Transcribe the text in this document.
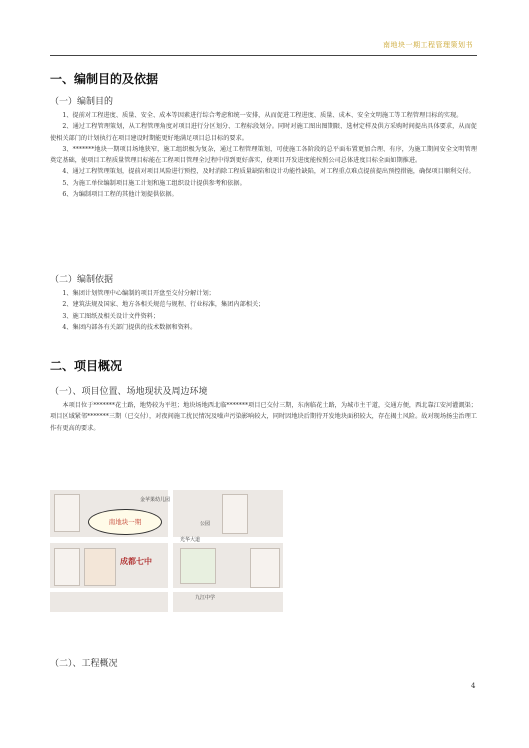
南地块一期工程管理策划书
一、编制目的及依据
（一）编制目的

1、提前对工程进度、质量、安全、成本等因素进行综合考虑和统一安排，从而促进工程进度、质量、成本、安全文明施工等工程管理目标的实现。

2、通过工程管理策划，从工程管理角度对项目进行分区划分、工程标段划分。同时对施工图出图期限、选材定样及供方采购时间提出具体要求，从而促使相关部门的计划执行在项目建设时期能更好地满足项目总目标的要求。

3、*******地块一期项目场地狭窄，施工组织极为复杂，通过工程管理策划，可使施工各阶段的总平面布置更加合理、有序，为施工期间安全文明管理奠定基础，使项目工程质量管理目标能在工程项目管理全过程中得到更好落实，使项目开发进度能按照公司总体进度目标全面如期推进。

4、通过工程管理策划，提前对项目风险进行预控，及时消除工程质量缺陷和设计功能性缺陷，对工程重点难点提前提出预控措施，确保项目顺利交付。

5、为施工单位编制项目施工计划和施工组织设计提供参考和依据。

6、为编制项目工程的其他计划提供依据。

（二）编制依据

1、集团计划管理中心编制的项目开盘至交付分解计划；

2、建筑法规及国家、地方各相关规范与规程、行业标准，集团内部相关；

3、施工图纸及相关设计文件资料；

4、集团内部各有关部门提供的技术数据和资料。

二、项目概况
（一）、项目位置、场地现状及周边环境

本项目位于*******花土路，地势较为平坦；地块场地西北临*******项目已交付三期，东南临花土路，为城市主干道，交通方便，西北靠江安河灌溉渠；项目区域紧邻*******三期（已交付），对夜间施工扰民情况及噪声污染影响较大，同时因地块后期待开发地块面积较大，存在揭土风险。故对现场扬尘治理工作有更高的要求。

（二）、工程概况
金苹果幼儿园
成都七中
九江中学
光华大道
公园
南地块一期
4
